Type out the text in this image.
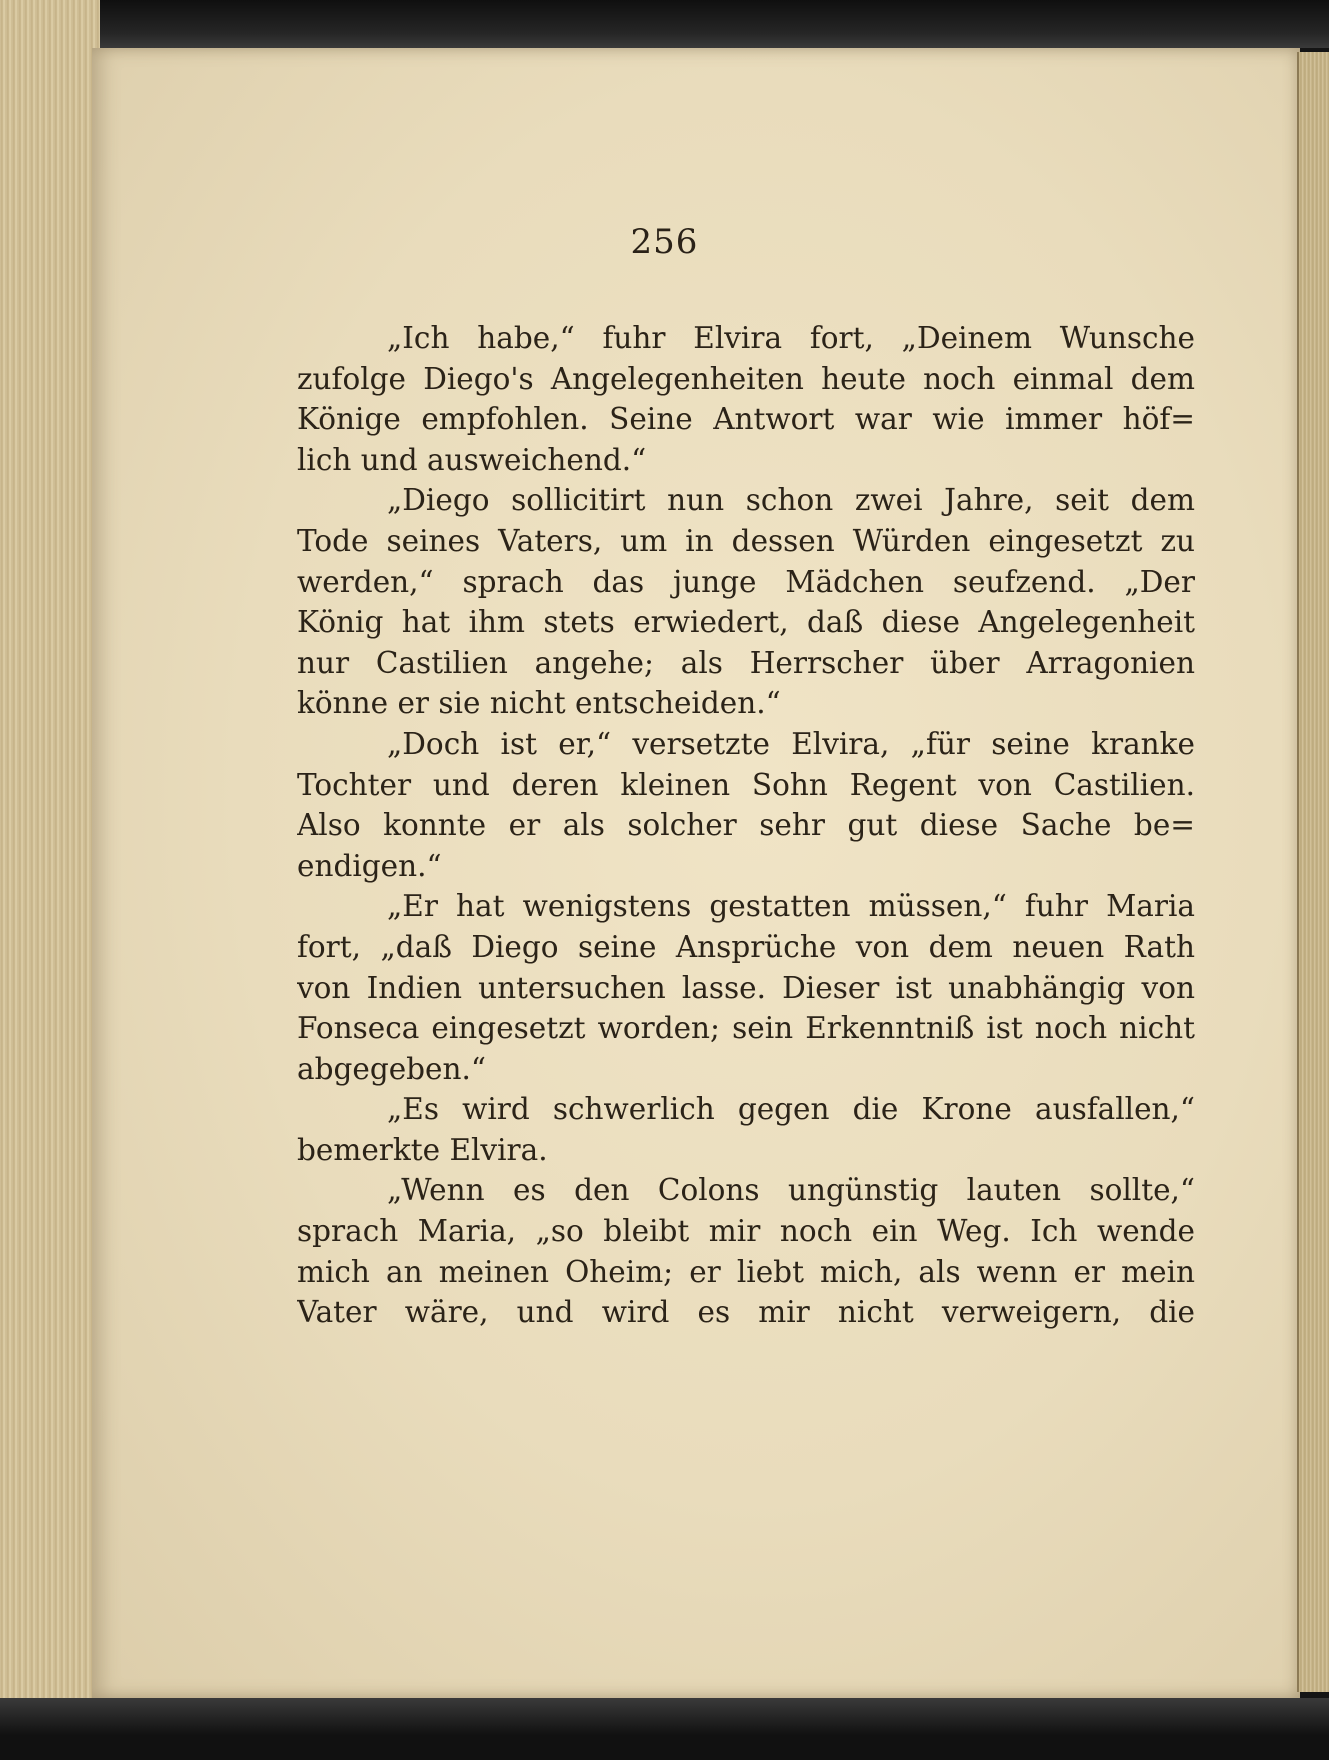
256
„Ich habe,“ fuhr Elvira fort, „Deinem Wunsche
zufolge Diego's Angelegenheiten heute noch einmal dem
Könige empfohlen. Seine Antwort war wie immer höf=
lich und ausweichend.“
„Diego sollicitirt nun schon zwei Jahre, seit dem
Tode seines Vaters, um in dessen Würden eingesetzt zu
werden,“ sprach das junge Mädchen seufzend. „Der
König hat ihm stets erwiedert, daß diese Angelegenheit
nur Castilien angehe; als Herrscher über Arragonien
könne er sie nicht entscheiden.“
„Doch ist er,“ versetzte Elvira, „für seine kranke
Tochter und deren kleinen Sohn Regent von Castilien.
Also konnte er als solcher sehr gut diese Sache be=
endigen.“
„Er hat wenigstens gestatten müssen,“ fuhr Maria
fort, „daß Diego seine Ansprüche von dem neuen Rath
von Indien untersuchen lasse. Dieser ist unabhängig von
Fonseca eingesetzt worden; sein Erkenntniß ist noch nicht
abgegeben.“
„Es wird schwerlich gegen die Krone ausfallen,“
bemerkte Elvira.
„Wenn es den Colons ungünstig lauten sollte,“
sprach Maria, „so bleibt mir noch ein Weg. Ich wende
mich an meinen Oheim; er liebt mich, als wenn er mein
Vater wäre, und wird es mir nicht verweigern, die
